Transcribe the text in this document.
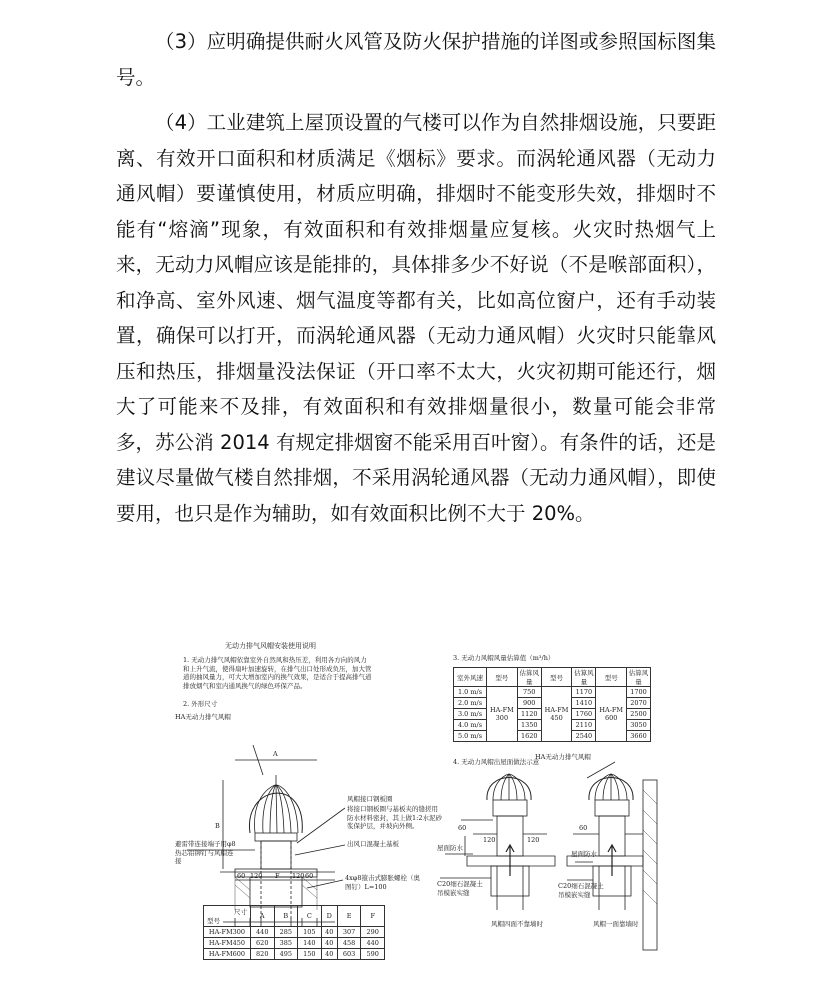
（3）应明确提供耐火风管及防火保护措施的详图或参照国标图集号。

（4）工业建筑上屋顶设置的气楼可以作为自然排烟设施，只要距离、有效开口面积和材质满足《烟标》要求。而涡轮通风器（无动力通风帽）要谨慎使用，材质应明确，排烟时不能变形失效，排烟时不能有“熔滴”现象，有效面积和有效排烟量应复核。火灾时热烟气上来，无动力风帽应该是能排的，具体排多少不好说（不是喉部面积），和净高、室外风速、烟气温度等都有关，比如高位窗户，还有手动装置，确保可以打开，而涡轮通风器（无动力通风帽）火灾时只能靠风压和热压，排烟量没法保证（开口率不太大，火灾初期可能还行，烟大了可能来不及排，有效面积和有效排烟量很小，数量可能会非常多，苏公消 2014 有规定排烟窗不能采用百叶窗）。有条件的话，还是建议尽量做气楼自然排烟，不采用涡轮通风器（无动力通风帽），即使要用，也只是作为辅助，如有效面积比例不大于 20%。

无动力排气风帽安装使用说明
1. 无动力排气风帽依靠室外自然风和热压差，利用各方向的风力和上升气流，使得扇叶加速旋转，在排气出口处形成负压，加大管道的抽风量力，可大大增加室内的换气效果，是适合于提高排气道排放烟气和室内通风换气的绿色环保产品。
2. 外形尺寸
HA无动力排气风帽
A
B
风帽接口钢板圈
将接口钢板圈与基板夹的缝搓用防水材料密封，其上做1:2水泥砂浆保护层，并坡向外侧。
出风口混凝土基板
避雷带连接端子用φ8热芯铝铆钉与风帽连接
4xφ8箍击式膨胀螺栓（奥图钉）L=100
60 120 F 120 60
尺寸
型号	A	B	C	D	E	F
HA-FM300	440	285	105	40	307	290
HA-FM450	620	385	140	40	458	440
HA-FM600	820	495	150	40	603	590
3. 无动力风帽风量估算值（m³/h）
室外风速	型号	估算风量	型号	估算风量	型号	估算风量
1.0 m/s	HA-FM 300	750	HA-FM 450	1170	HA-FM 600	1700
2.0 m/s		900		1410		2070
3.0 m/s		1120		1760		2500
4.0 m/s		1350		2110		3050
5.0 m/s		1620		2540		3660
4. 无动力风帽出屋面做法示意
HA无动力排气风帽
60
120	120
60
屋面防水
屋面防水
C20细石混凝土吊模嵌实缝
C20细石混凝土吊模嵌实缝
风帽四面不靠墙时	风帽一面靠墙时
